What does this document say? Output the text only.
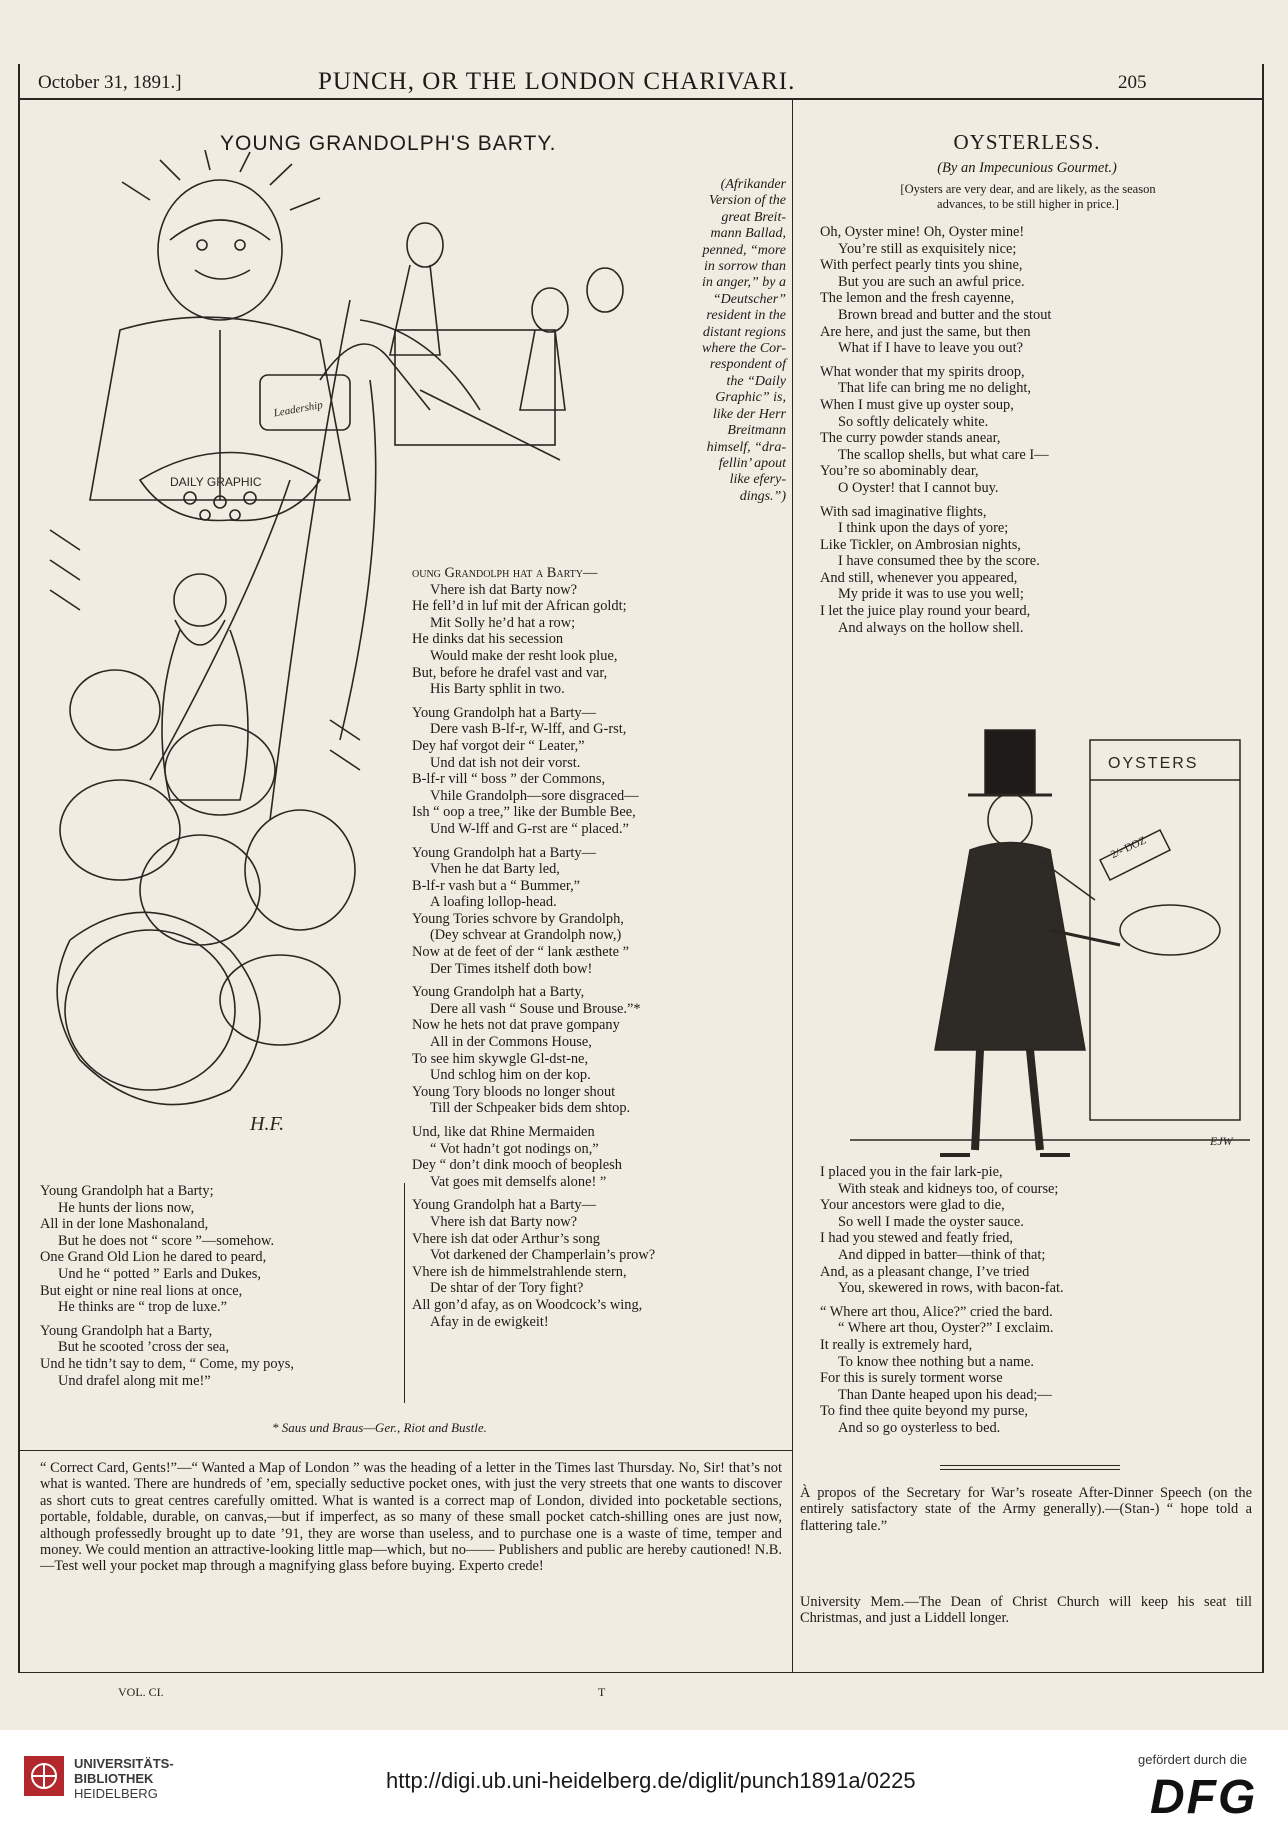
October 31, 1891.]	PUNCH, OR THE LONDON CHARIVARI.	205
YOUNG GRANDOLPH'S BARTY.
Leadership
DAILY GRAPHIC
H.F.
(Afrikander
Version of the
great Breit-
mann Ballad,
penned, “more
in sorrow than
in anger,” by a
“Deutscher”
resident in the
distant regions
where the Cor-
respondent of
the “Daily
Graphic” is,
like der Herr
Breitmann
himself, “dra-
fellin’ apout
like efery-
dings.”)
oung Grandolph hat a Barty—
Vhere ish dat Barty now?
He fell’d in luf mit der African goldt;
Mit Solly he’d hat a row;
He dinks dat his secession
Would make der resht look plue,
But, before he drafel vast and var,
His Barty sphlit in two.
Young Grandolph hat a Barty—
Dere vash B-lf-r, W-lff, and G-rst,
Dey haf vorgot deir “ Leater,”
Und dat ish not deir vorst.
B-lf-r vill “ boss ” der Commons,
Vhile Grandolph—sore disgraced—
Ish “ oop a tree,” like der Bumble Bee,
Und W-lff and G-rst are “ placed.”
Young Grandolph hat a Barty—
Vhen he dat Barty led,
B-lf-r vash but a “ Bummer,”
A loafing lollop-head.
Young Tories schvore by Grandolph,
(Dey schvear at Grandolph now,)
Now at de feet of der “ lank æsthete ”
Der Times itshelf doth bow!
Young Grandolph hat a Barty,
Dere all vash “ Souse und Brouse.”*
Now he hets not dat prave gompany
All in der Commons House,
To see him skywgle Gl-dst-ne,
Und schlog him on der kop.
Young Tory bloods no longer shout
Till der Schpeaker bids dem shtop.
Und, like dat Rhine Mermaiden
“ Vot hadn’t got nodings on,”
Dey “ don’t dink mooch of beoplesh
Vat goes mit demselfs alone! ”
Young Grandolph hat a Barty—
Vhere ish dat Barty now?
Vhere ish dat oder Arthur’s song
Vot darkened der Champerlain’s prow?
Vhere ish de himmelstrahlende stern,
De shtar of der Tory fight?
All gon’d afay, as on Woodcock’s wing,
Afay in de ewigkeit!
Young Grandolph hat a Barty;
He hunts der lions now,
All in der lone Mashonaland,
But he does not “ score ”—somehow.
One Grand Old Lion he dared to peard,
Und he “ potted ” Earls and Dukes,
But eight or nine real lions at once,
He thinks are “ trop de luxe.”
Young Grandolph hat a Barty,
But he scooted ’cross der sea,
Und he tidn’t say to dem, “ Come, my poys,
Und drafel along mit me!”
* Saus und Braus—Ger., Riot and Bustle.
“ Correct Card, Gents!”—“ Wanted a Map of London ” was the heading of a letter in the Times last Thursday. No, Sir! that’s not what is wanted. There are hundreds of ’em, specially seductive pocket ones, with just the very streets that one wants to discover as short cuts to great centres carefully omitted. What is wanted is a correct map of London, divided into pocketable sections, portable, foldable, durable, on canvas,—but if imperfect, as so many of these small pocket catch-shilling ones are just now, although professedly brought up to date ’91, they are worse than useless, and to purchase one is a waste of time, temper and money. We could mention an attractive-looking little map—which, but no—— Publishers and public are hereby cautioned! N.B.—Test well your pocket map through a magnifying glass before buying. Experto crede!
OYSTERLESS.
(By an Impecunious Gourmet.)
[Oysters are very dear, and are likely, as the season
advances, to be still higher in price.]
Oh, Oyster mine! Oh, Oyster mine!
You’re still as exquisitely nice;
With perfect pearly tints you shine,
But you are such an awful price.
The lemon and the fresh cayenne,
Brown bread and butter and the stout
Are here, and just the same, but then
What if I have to leave you out?
What wonder that my spirits droop,
That life can bring me no delight,
When I must give up oyster soup,
So softly delicately white.
The curry powder stands anear,
The scallop shells, but what care I—
You’re so abominably dear,
O Oyster! that I cannot buy.
With sad imaginative flights,
I think upon the days of yore;
Like Tickler, on Ambrosian nights,
I have consumed thee by the score.
And still, whenever you appeared,
My pride it was to use you well;
I let the juice play round your beard,
And always on the hollow shell.
OYSTERS
2/- DOZ
EJW
I placed you in the fair lark-pie,
With steak and kidneys too, of course;
Your ancestors were glad to die,
So well I made the oyster sauce.
I had you stewed and featly fried,
And dipped in batter—think of that;
And, as a pleasant change, I’ve tried
You, skewered in rows, with bacon-fat.
“ Where art thou, Alice?” cried the bard.
“ Where art thou, Oyster?” I exclaim.
It really is extremely hard,
To know thee nothing but a name.
For this is surely torment worse
Than Dante heaped upon his dead;—
To find thee quite beyond my purse,
And so go oysterless to bed.
À propos of the Secretary for War’s roseate After-Dinner Speech (on the entirely satisfactory state of the Army generally).—(Stan-) “ hope told a flattering tale.”
University Mem.—The Dean of Christ Church will keep his seat till Christmas, and just a Liddell longer.
VOL. CI.	T
UNIVERSITÄTS-
BIBLIOTHEK
HEIDELBERG
http://digi.ub.uni-heidelberg.de/diglit/punch1891a/0225
gefördert durch die
DFG
